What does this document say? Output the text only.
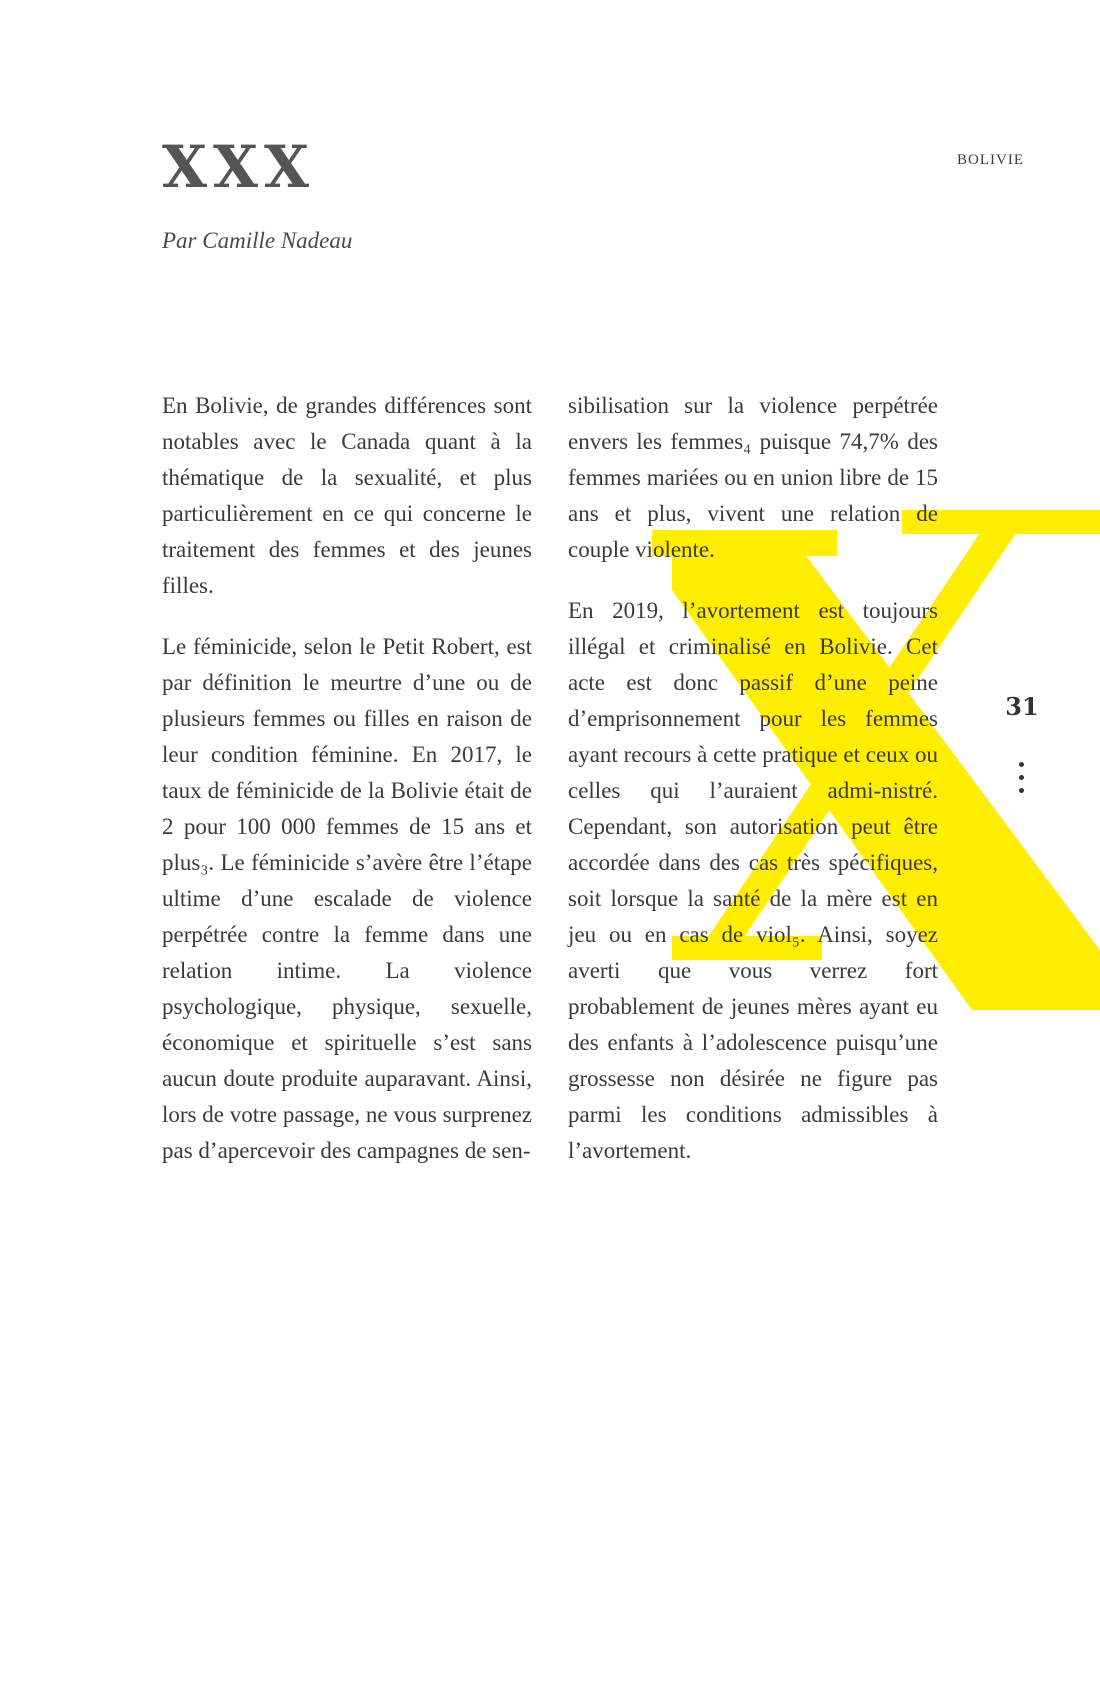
XXX

Par Camille Nadeau

BOLIVIE

En Bolivie, de grandes différences sont notables avec le Canada quant à la thématique de la sexualité, et plus particulièrement en ce qui concerne le traitement des femmes et des jeunes filles.

Le féminicide, selon le Petit Robert, est par définition le meurtre d’une ou de plusieurs femmes ou filles en raison de leur condition féminine. En 2017, le taux de féminicide de la Bolivie était de 2 pour 100 000 femmes de 15 ans et plus₃. Le féminicide s’avère être l’étape ultime d’une escalade de violence perpétrée contre la femme dans une relation intime. La violence psychologique, physique, sexuelle, économique et spirituelle s’est sans aucun doute produite auparavant. Ainsi, lors de votre passage, ne vous surprenez pas d’apercevoir des campagnes de sen-

sibilisation sur la violence perpétrée envers les femmes₄ puisque 74,7% des femmes mariées ou en union libre de 15 ans et plus, vivent une relation de couple violente.

En 2019, l’avortement est toujours illégal et criminalisé en Bolivie. Cet acte est donc passif d’une peine d’emprisonnement pour les femmes ayant recours à cette pratique et ceux ou celles qui l’auraient admi-nistré. Cependant, son autorisation peut être accordée dans des cas très spécifiques, soit lorsque la santé de la mère est en jeu ou en cas de viol₅. Ainsi, soyez averti que vous verrez fort probablement de jeunes mères ayant eu des enfants à l’adolescence puisqu’une grossesse non désirée ne figure pas parmi les conditions admissibles à l’avortement.

31
